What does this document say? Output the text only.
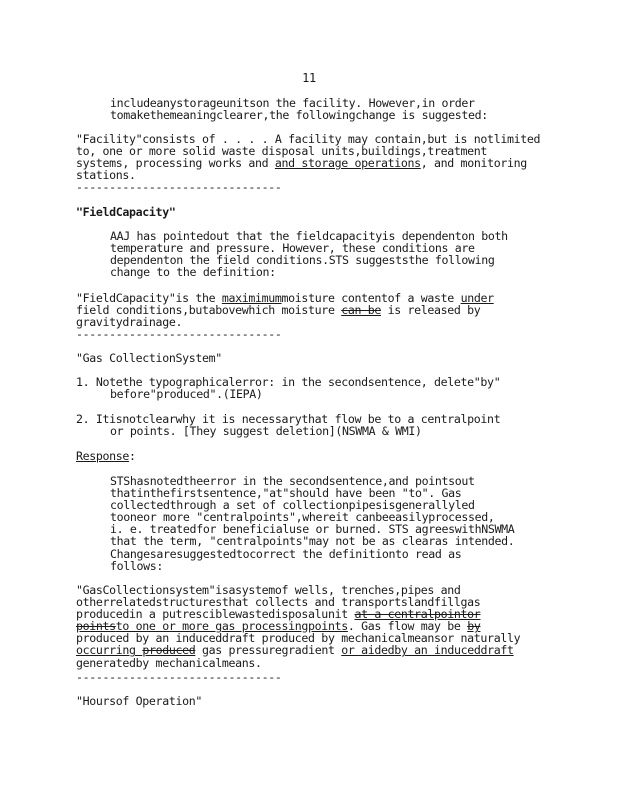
11
includeanystorageunitson the facility. However,in order
tomakethemeaningclearer,the followingchange is suggested:
"Facility"consists of . . . . A facility may contain,but is notlimited
to, one or more solid waste disposal units,buildings,treatment
systems, processing works and and storage operations, and monitoring
stations.
-------------------------------
"FieldCapacity"
AAJ has pointedout that the fieldcapacityis dependenton both
temperature and pressure. However, these conditions are
dependenton the field conditions.STS suggeststhe following
change to the definition:
"FieldCapacity"is the maximimummoisture contentof a waste under
field conditions,butabovewhich moisture can be is released by
gravitydrainage.
-------------------------------
"Gas CollectionSystem"
1. Notethe typographicalerror: in the secondsentence, delete"by"
before"produced".(IEPA)
2. Itisnotclearwhy it is necessarythat flow be to a centralpoint
or points. [They suggest deletion](NSWMA & WMI)
Response:
STShasnotedtheerror in the secondsentence,and pointsout
thatinthefirstsentence,"at"should have been "to". Gas
collectedthrough a set of collectionpipesisgenerallyled
tooneor more "centralpoints",whereit canbeeasilyprocessed,
i. e. treatedfor beneficialuse or burned. STS agreeswithNSWMA
that the term, "centralpoints"may not be as clearas intended.
Changesaresuggestedtocorrect the definitionto read as
follows:
"GasCollectionsystem"isasystemof wells, trenches,pipes and
otherrelatedstructuresthat collects and transportslandfillgas
producedin a putresciblewastedisposalunit at a centralpointor
pointsto one or more gas processingpoints. Gas flow may be by
produced by an induceddraft produced by mechanicalmeansor naturally
occurring produced gas pressuregradient or aidedby an induceddraft
generatedby mechanicalmeans.
-------------------------------
"Hoursof Operation"
